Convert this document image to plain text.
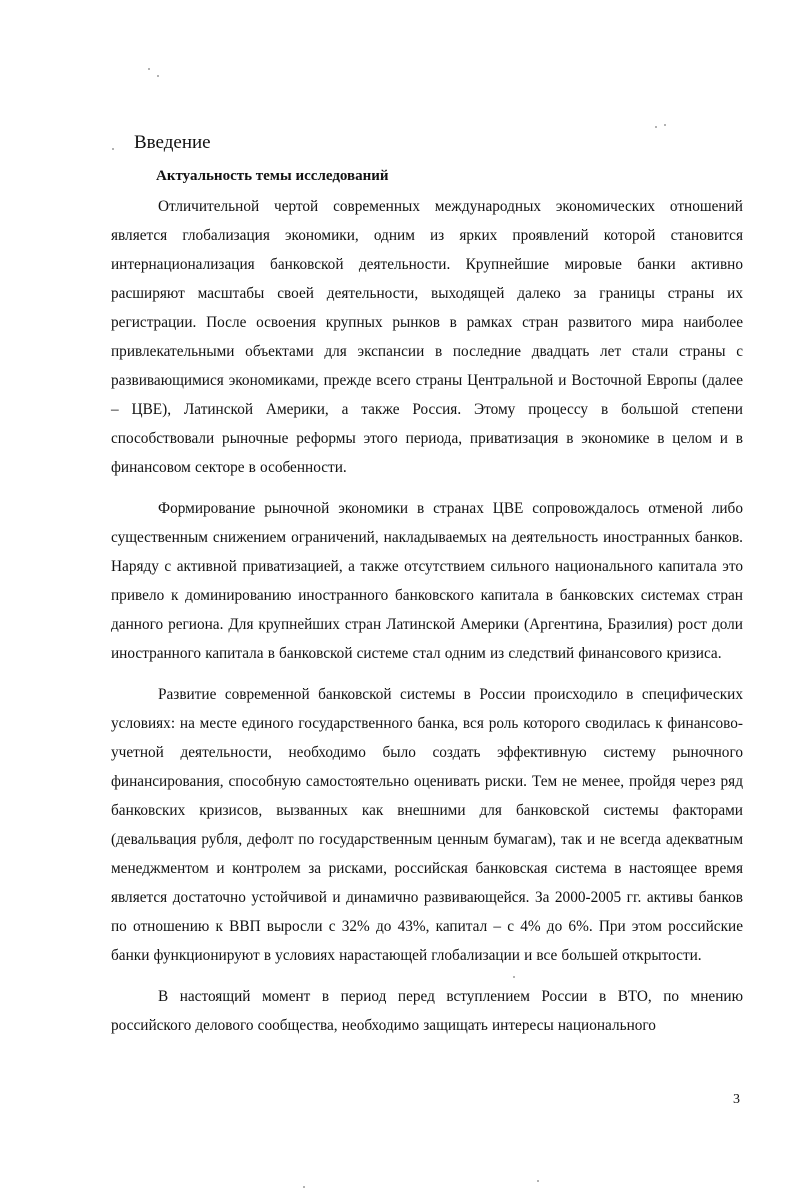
Введение
Актуальность темы исследований

Отличительной чертой современных международных экономических отношений является глобализация экономики, одним из ярких проявлений которой становится интернационализация банковской деятельности. Крупнейшие мировые банки активно расширяют масштабы своей деятельности, выходящей далеко за границы страны их регистрации. После освоения крупных рынков в рамках стран развитого мира наиболее привлекательными объектами для экспансии в последние двадцать лет стали страны с развивающимися экономиками, прежде всего страны Центральной и Восточной Европы (далее – ЦВЕ), Латинской Америки, а также Россия. Этому процессу в большой степени способствовали рыночные реформы этого периода, приватизация в экономике в целом и в финансовом секторе в особенности.

Формирование рыночной экономики в странах ЦВЕ сопровождалось отменой либо существенным снижением ограничений, накладываемых на деятельность иностранных банков. Наряду с активной приватизацией, а также отсутствием сильного национального капитала это привело к доминированию иностранного банковского капитала в банковских системах стран данного региона. Для крупнейших стран Латинской Америки (Аргентина, Бразилия) рост доли иностранного капитала в банковской системе стал одним из следствий финансового кризиса.

Развитие современной банковской системы в России происходило в специфических условиях: на месте единого государственного банка, вся роль которого сводилась к финансово-учетной деятельности, необходимо было создать эффективную систему рыночного финансирования, способную самостоятельно оценивать риски. Тем не менее, пройдя через ряд банковских кризисов, вызванных как внешними для банковской системы факторами (девальвация рубля, дефолт по государственным ценным бумагам), так и не всегда адекватным менеджментом и контролем за рисками, российская банковская система в настоящее время является достаточно устойчивой и динамично развивающейся. За 2000-2005 гг. активы банков по отношению к ВВП выросли с 32% до 43%, капитал – с 4% до 6%. При этом российские банки функционируют в условиях нарастающей глобализации и все большей открытости.

В настоящий момент в период перед вступлением России в ВТО, по мнению российского делового сообщества, необходимо защищать интересы национального

3
